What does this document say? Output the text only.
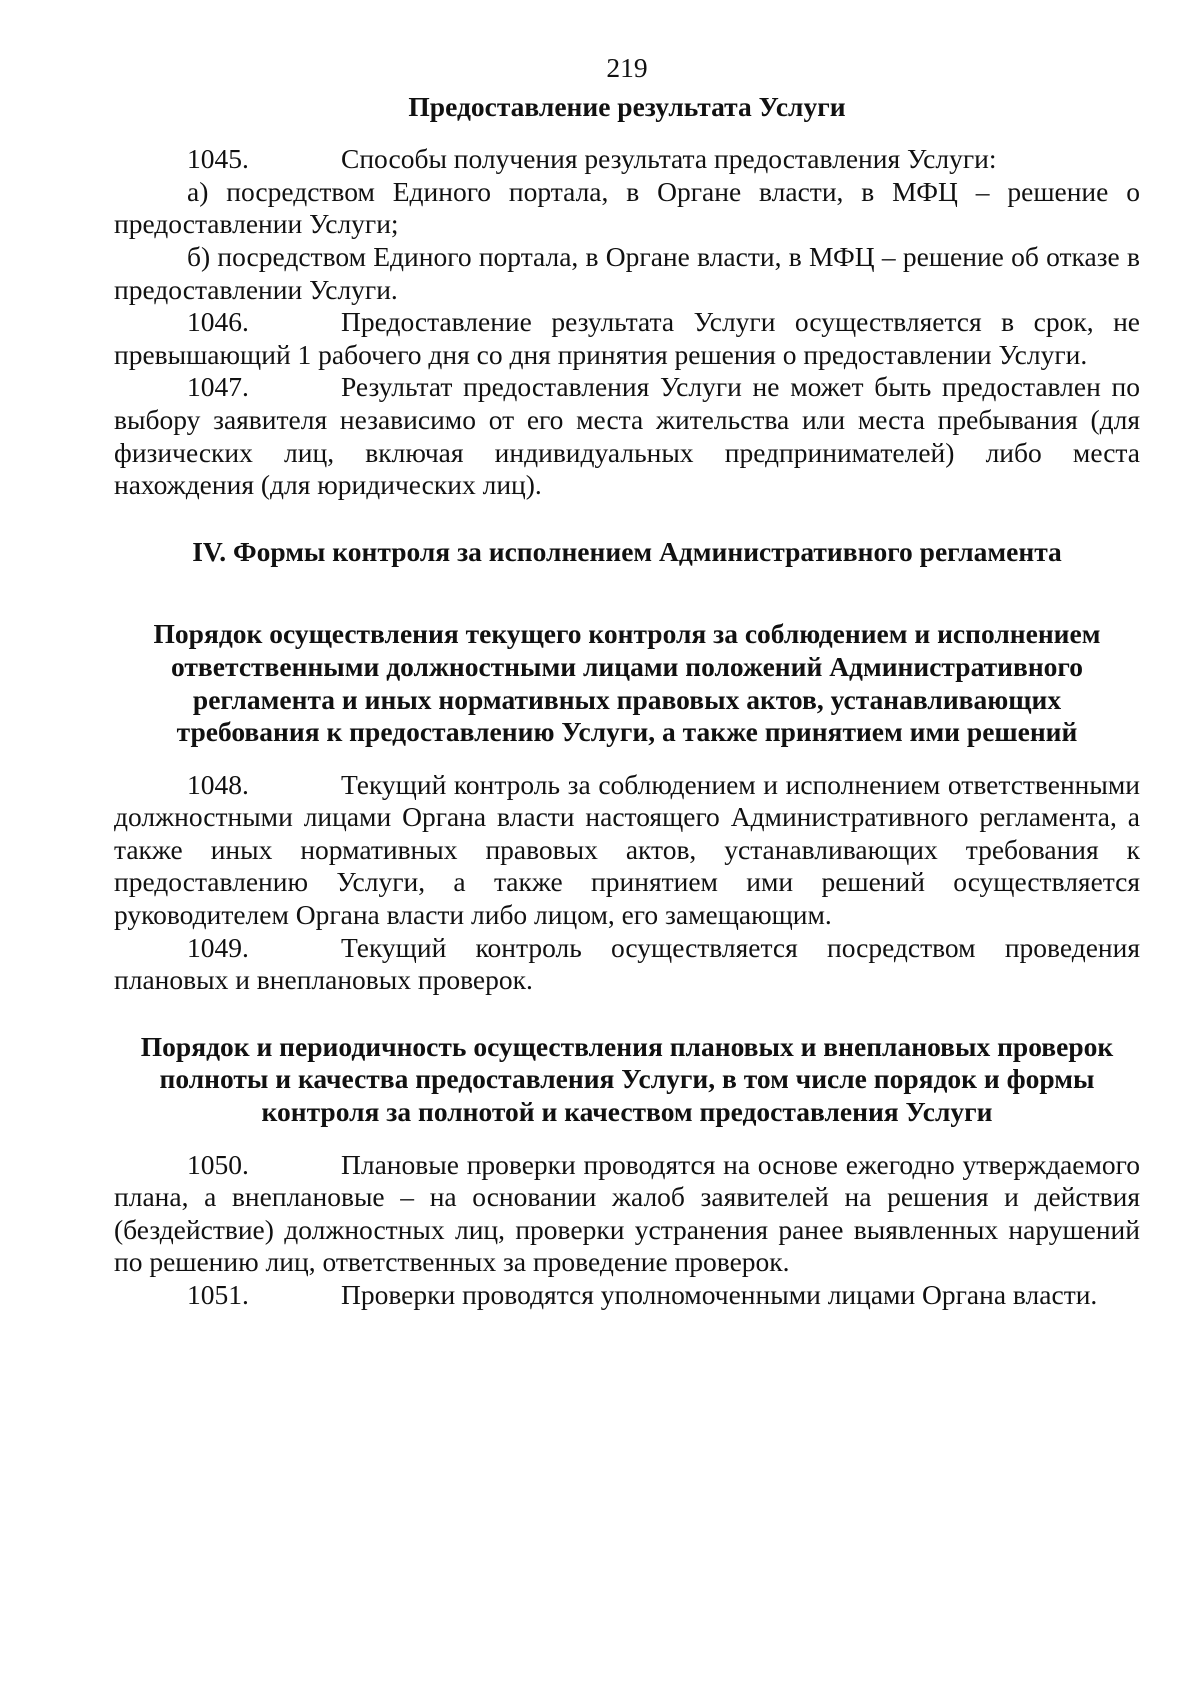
219
Предоставление результата Услуги

1045.	Способы получения результата предоставления Услуги:

а) посредством Единого портала, в Органе власти, в МФЦ – решение о предоставлении Услуги;

б) посредством Единого портала, в Органе власти, в МФЦ – решение об отказе в предоставлении Услуги.

1046.	Предоставление результата Услуги осуществляется в срок, не превышающий 1 рабочего дня со дня принятия решения о предоставлении Услуги.

1047.	Результат предоставления Услуги не может быть предоставлен по выбору заявителя независимо от его места жительства или места пребывания (для физических лиц, включая индивидуальных предпринимателей) либо места нахождения (для юридических лиц).

IV. Формы контроля за исполнением Административного регламента
Порядок осуществления текущего контроля за соблюдением и исполнением
ответственными должностными лицами положений Административного
регламента и иных нормативных правовых актов, устанавливающих
требования к предоставлению Услуги, а также принятием ими решений

1048.	Текущий контроль за соблюдением и исполнением ответственными должностными лицами Органа власти настоящего Административного регламента, а также иных нормативных правовых актов, устанавливающих требования к предоставлению Услуги, а также принятием ими решений осуществляется руководителем Органа власти либо лицом, его замещающим.

1049.	Текущий контроль осуществляется посредством проведения плановых и внеплановых проверок.

Порядок и периодичность осуществления плановых и внеплановых проверок
полноты и качества предоставления Услуги, в том числе порядок и формы
контроля за полнотой и качеством предоставления Услуги

1050.	Плановые проверки проводятся на основе ежегодно утверждаемого плана, а внеплановые – на основании жалоб заявителей на решения и действия (бездействие) должностных лиц, проверки устранения ранее выявленных нарушений по решению лиц, ответственных за проведение проверок.

1051.	Проверки проводятся уполномоченными лицами Органа власти.
